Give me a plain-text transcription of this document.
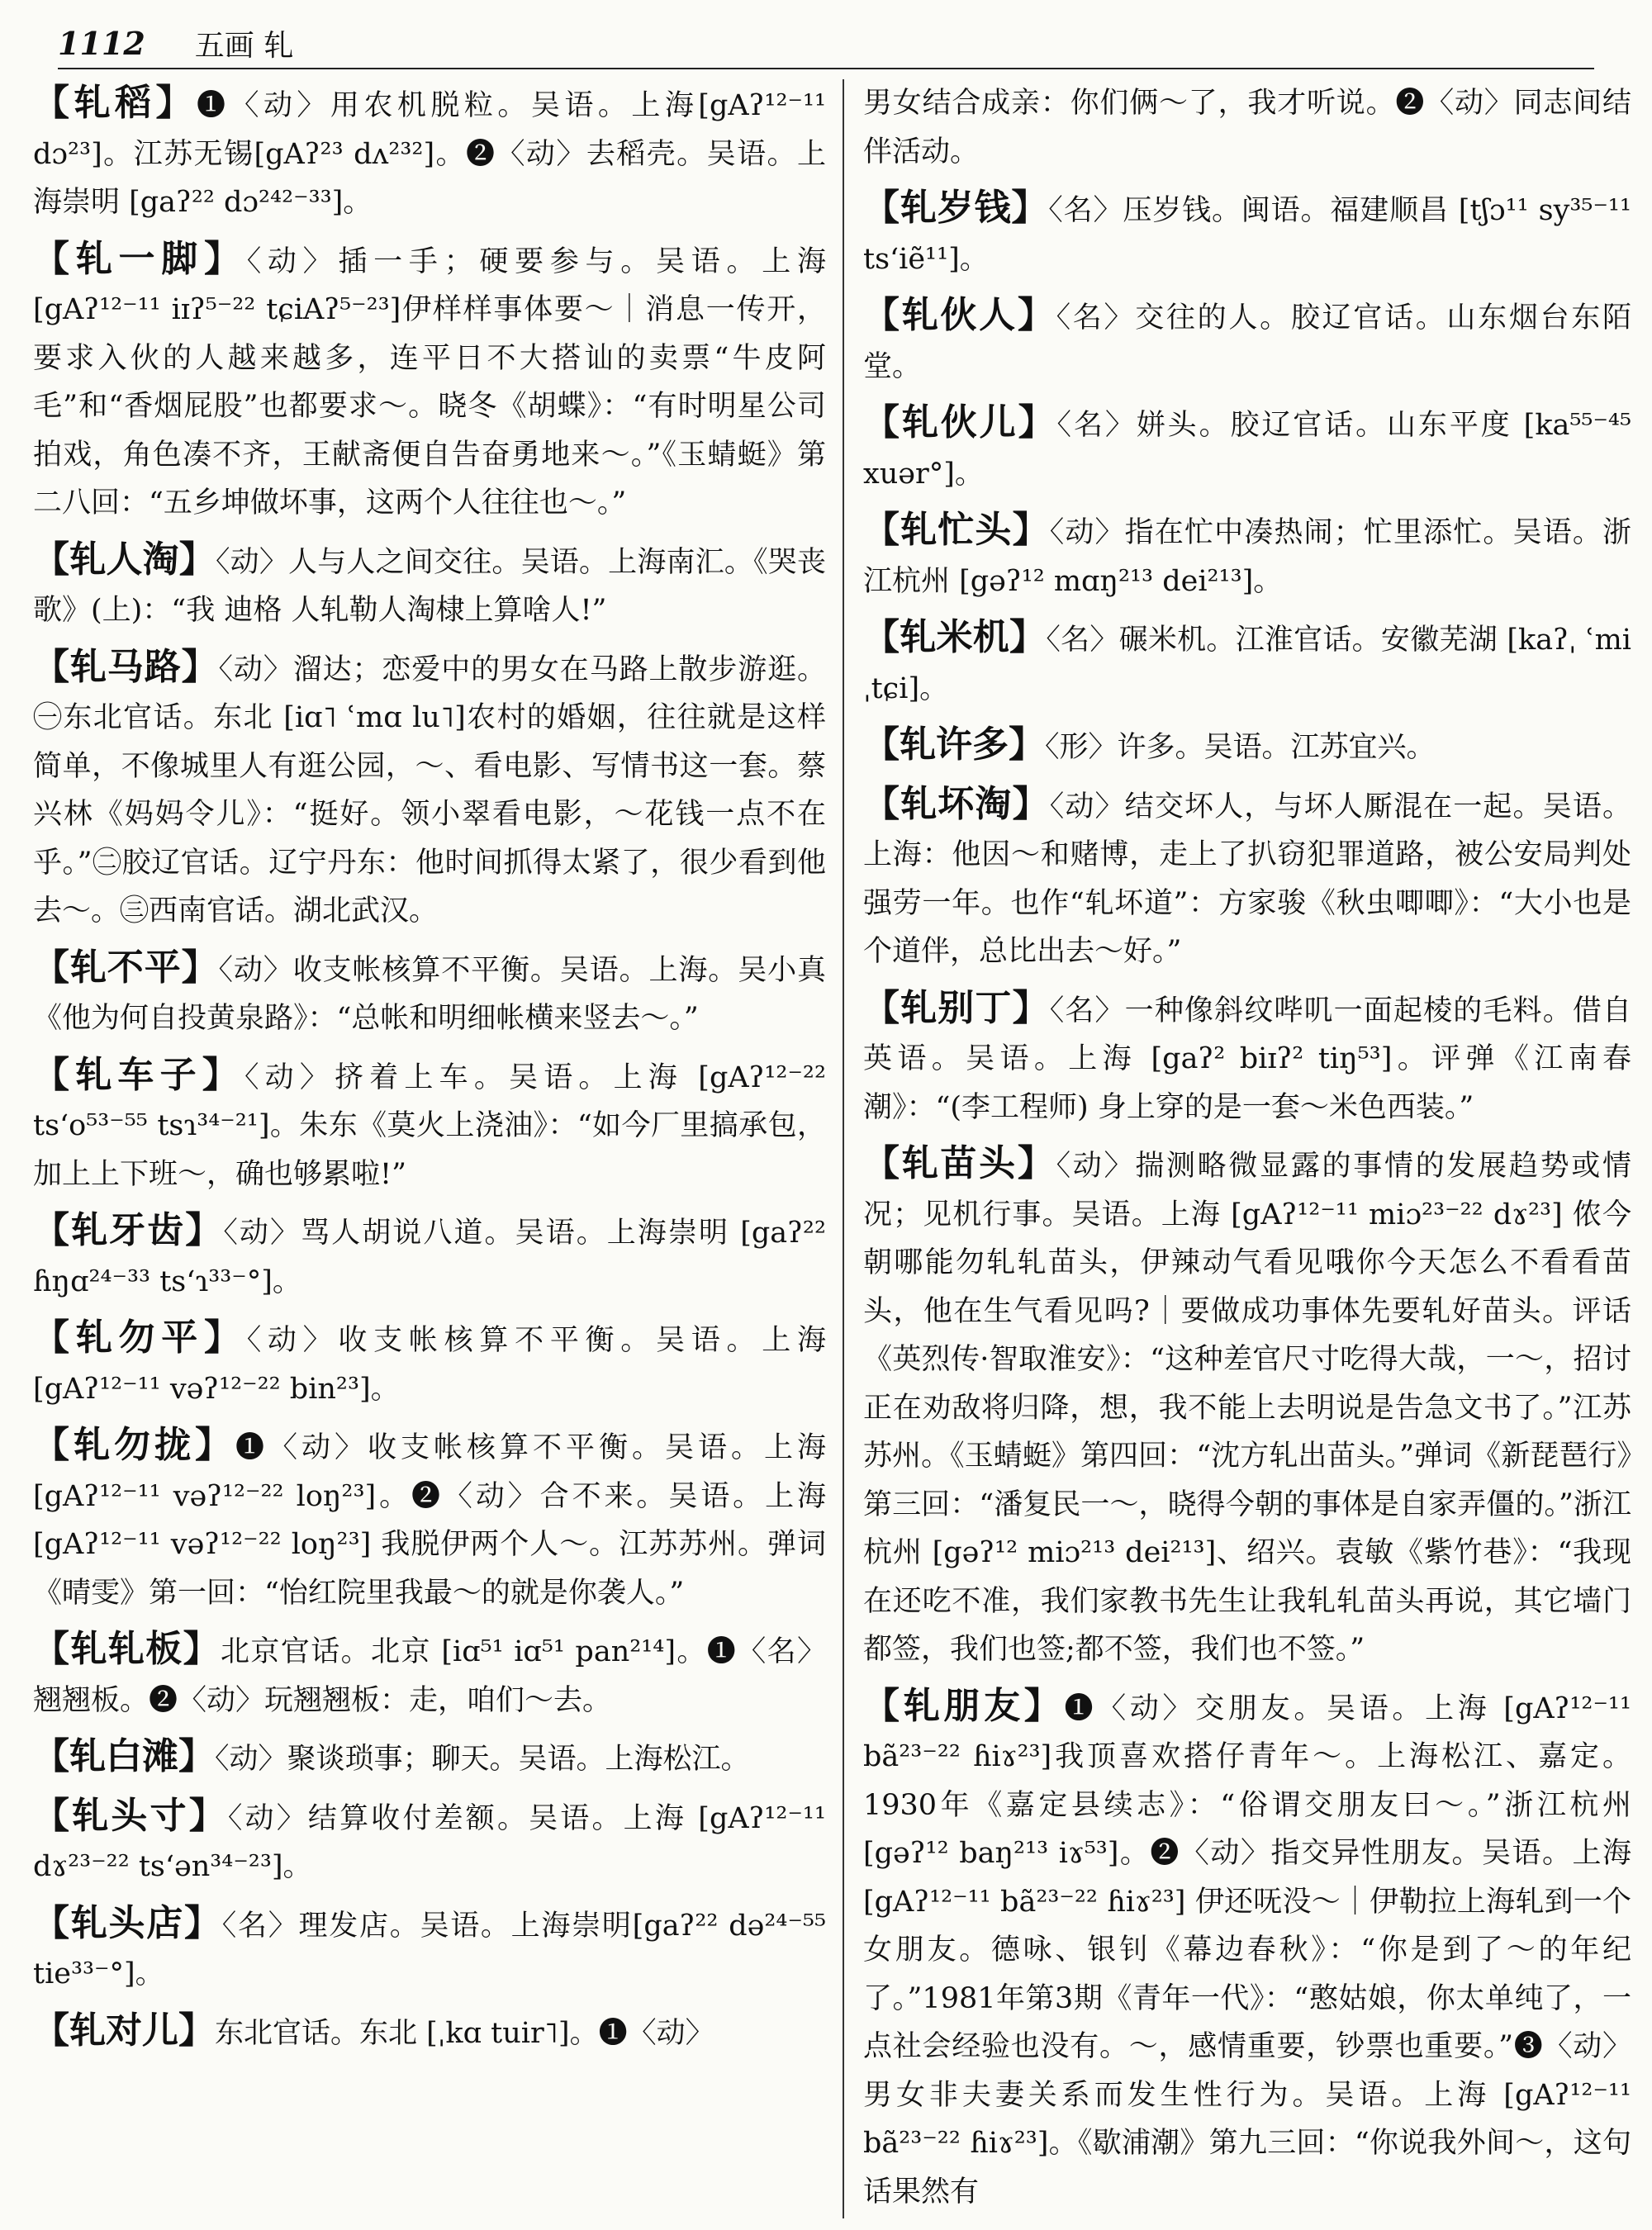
1112 五画 轧

【轧稻】❶〈动〉用农机脱粒。吴语。上海[gAʔ¹²⁻¹¹ dɔ²³]。江苏无锡[gAʔ²³ dʌ²³²]。❷〈动〉去稻壳。吴语。上海崇明 [gaʔ²² dɔ²⁴²⁻³³]。

【轧一脚】〈动〉插一手；硬要参与。吴语。上海 [gAʔ¹²⁻¹¹ iɪʔ⁵⁻²² tɕiAʔ⁵⁻²³]伊样样事体要～｜消息一传开，要求入伙的人越来越多，连平日不大搭讪的卖票“牛皮阿毛”和“香烟屁股”也都要求～。晓冬《胡蝶》：“有时明星公司拍戏，角色凑不齐，王献斋便自告奋勇地来～。”《玉蜻蜓》第二八回：“五乡坤做坏事，这两个人往往也～。”

【轧人淘】〈动〉人与人之间交往。吴语。上海南汇。《哭丧歌》(上)：“我 迪格 人轧勒人淘棣上算啥人!”

【轧马路】〈动〉溜达；恋爱中的男女在马路上散步游逛。㊀东北官话。东北 [iɑ˥ ʿmɑ lu˥]农村的婚姻，往往就是这样简单，不像城里人有逛公园，～、看电影、写情书这一套。蔡兴林《妈妈令儿》：“挺好。领小翠看电影，～花钱一点不在乎。”㊁胶辽官话。辽宁丹东：他时间抓得太紧了，很少看到他去～。㊂西南官话。湖北武汉。

【轧不平】〈动〉收支帐核算不平衡。吴语。上海。吴小真《他为何自投黄泉路》：“总帐和明细帐横来竖去～。”

【轧车子】〈动〉挤着上车。吴语。上海 [gAʔ¹²⁻²² tsʻo⁵³⁻⁵⁵ tsɿ³⁴⁻²¹]。朱东《莫火上浇油》：“如今厂里搞承包，加上上下班～，确也够累啦!”

【轧牙齿】〈动〉骂人胡说八道。吴语。上海崇明 [gaʔ²² ɦŋɑ²⁴⁻³³ tsʻɿ³³⁻°]。

【轧勿平】〈动〉收支帐核算不平衡。吴语。上海 [gAʔ¹²⁻¹¹ vəʔ¹²⁻²² bin²³]。

【轧勿拢】❶〈动〉收支帐核算不平衡。吴语。上海 [gAʔ¹²⁻¹¹ vəʔ¹²⁻²² loŋ²³]。❷〈动〉合不来。吴语。上海 [gAʔ¹²⁻¹¹ vəʔ¹²⁻²² loŋ²³] 我脱伊两个人～。江苏苏州。弹词《晴雯》第一回：“怡红院里我最～的就是你袭人。”

【轧轧板】北京官话。北京 [iɑ⁵¹ iɑ⁵¹ pan²¹⁴]。❶〈名〉翘翘板。❷〈动〉玩翘翘板：走，咱们～去。

【轧白滩】〈动〉聚谈琐事；聊天。吴语。上海松江。

【轧头寸】〈动〉结算收付差额。吴语。上海 [gAʔ¹²⁻¹¹ dɤ²³⁻²² tsʻən³⁴⁻²³]。

【轧头店】〈名〉理发店。吴语。上海崇明[gaʔ²² də²⁴⁻⁵⁵ tie³³⁻°]。

【轧对儿】东北官话。东北 [ˌkɑ tuir˥]。❶〈动〉

男女结合成亲：你们俩～了，我才听说。❷〈动〉同志间结伴活动。

【轧岁钱】〈名〉压岁钱。闽语。福建顺昌 [tʃɔ¹¹ sy³⁵⁻¹¹ tsʻiẽ¹¹]。

【轧伙人】〈名〉交往的人。胶辽官话。山东烟台东陌堂。

【轧伙儿】〈名〉姘头。胶辽官话。山东平度 [ka⁵⁵⁻⁴⁵ xuər°]。

【轧忙头】〈动〉指在忙中凑热闹；忙里添忙。吴语。浙江杭州 [gəʔ¹² mɑŋ²¹³ dei²¹³]。

【轧米机】〈名〉碾米机。江淮官话。安徽芜湖 [kaʔˌ ʿmi ˌtɕi]。

【轧许多】〈形〉许多。吴语。江苏宜兴。

【轧坏淘】〈动〉结交坏人，与坏人厮混在一起。吴语。上海：他因～和赌博，走上了扒窃犯罪道路，被公安局判处强劳一年。也作“轧坏道”：方家骏《秋虫唧唧》：“大小也是个道伴，总比出去～好。”

【轧别丁】〈名〉一种像斜纹哔叽一面起棱的毛料。借自英语。吴语。上海 [gaʔ² biɪʔ² tiŋ⁵³]。评弹《江南春潮》：“(李工程师) 身上穿的是一套～米色西装。”

【轧苗头】〈动〉揣测略微显露的事情的发展趋势或情况；见机行事。吴语。上海 [gAʔ¹²⁻¹¹ miɔ²³⁻²² dɤ²³] 侬今朝哪能勿轧轧苗头，伊辣动气看见哦你今天怎么不看看苗头，他在生气看见吗?｜要做成功事体先要轧好苗头。评话《英烈传·智取淮安》：“这种差官尺寸吃得大哉，一～，招讨正在劝敌将归降，想，我不能上去明说是告急文书了。”江苏苏州。《玉蜻蜓》第四回：“沈方轧出苗头。”弹词《新琵琶行》第三回：“潘复民一～，晓得今朝的事体是自家弄僵的。”浙江杭州 [gəʔ¹² miɔ²¹³ dei²¹³]、绍兴。袁敏《紫竹巷》：“我现在还吃不准，我们家教书先生让我轧轧苗头再说，其它墙门都签，我们也签;都不签，我们也不签。”

【轧朋友】❶〈动〉交朋友。吴语。上海 [gAʔ¹²⁻¹¹ bã²³⁻²² ɦiɤ²³]我顶喜欢搭仔青年～。上海松江、嘉定。1930年《嘉定县续志》：“俗谓交朋友曰～。”浙江杭州 [gəʔ¹² baŋ²¹³ iɤ⁵³]。❷〈动〉指交异性朋友。吴语。上海 [gAʔ¹²⁻¹¹ bã²³⁻²² ɦiɤ²³] 伊还呒没～｜伊勒拉上海轧到一个女朋友。德咏、银钊《幕边春秋》：“你是到了～的年纪了。”1981年第3期《青年一代》：“憨姑娘，你太单纯了，一点社会经验也没有。～，感情重要，钞票也重要。”❸〈动〉男女非夫妻关系而发生性行为。吴语。上海 [gAʔ¹²⁻¹¹ bã²³⁻²² ɦiɤ²³]。《歇浦潮》第九三回：“你说我外间～，这句话果然有
